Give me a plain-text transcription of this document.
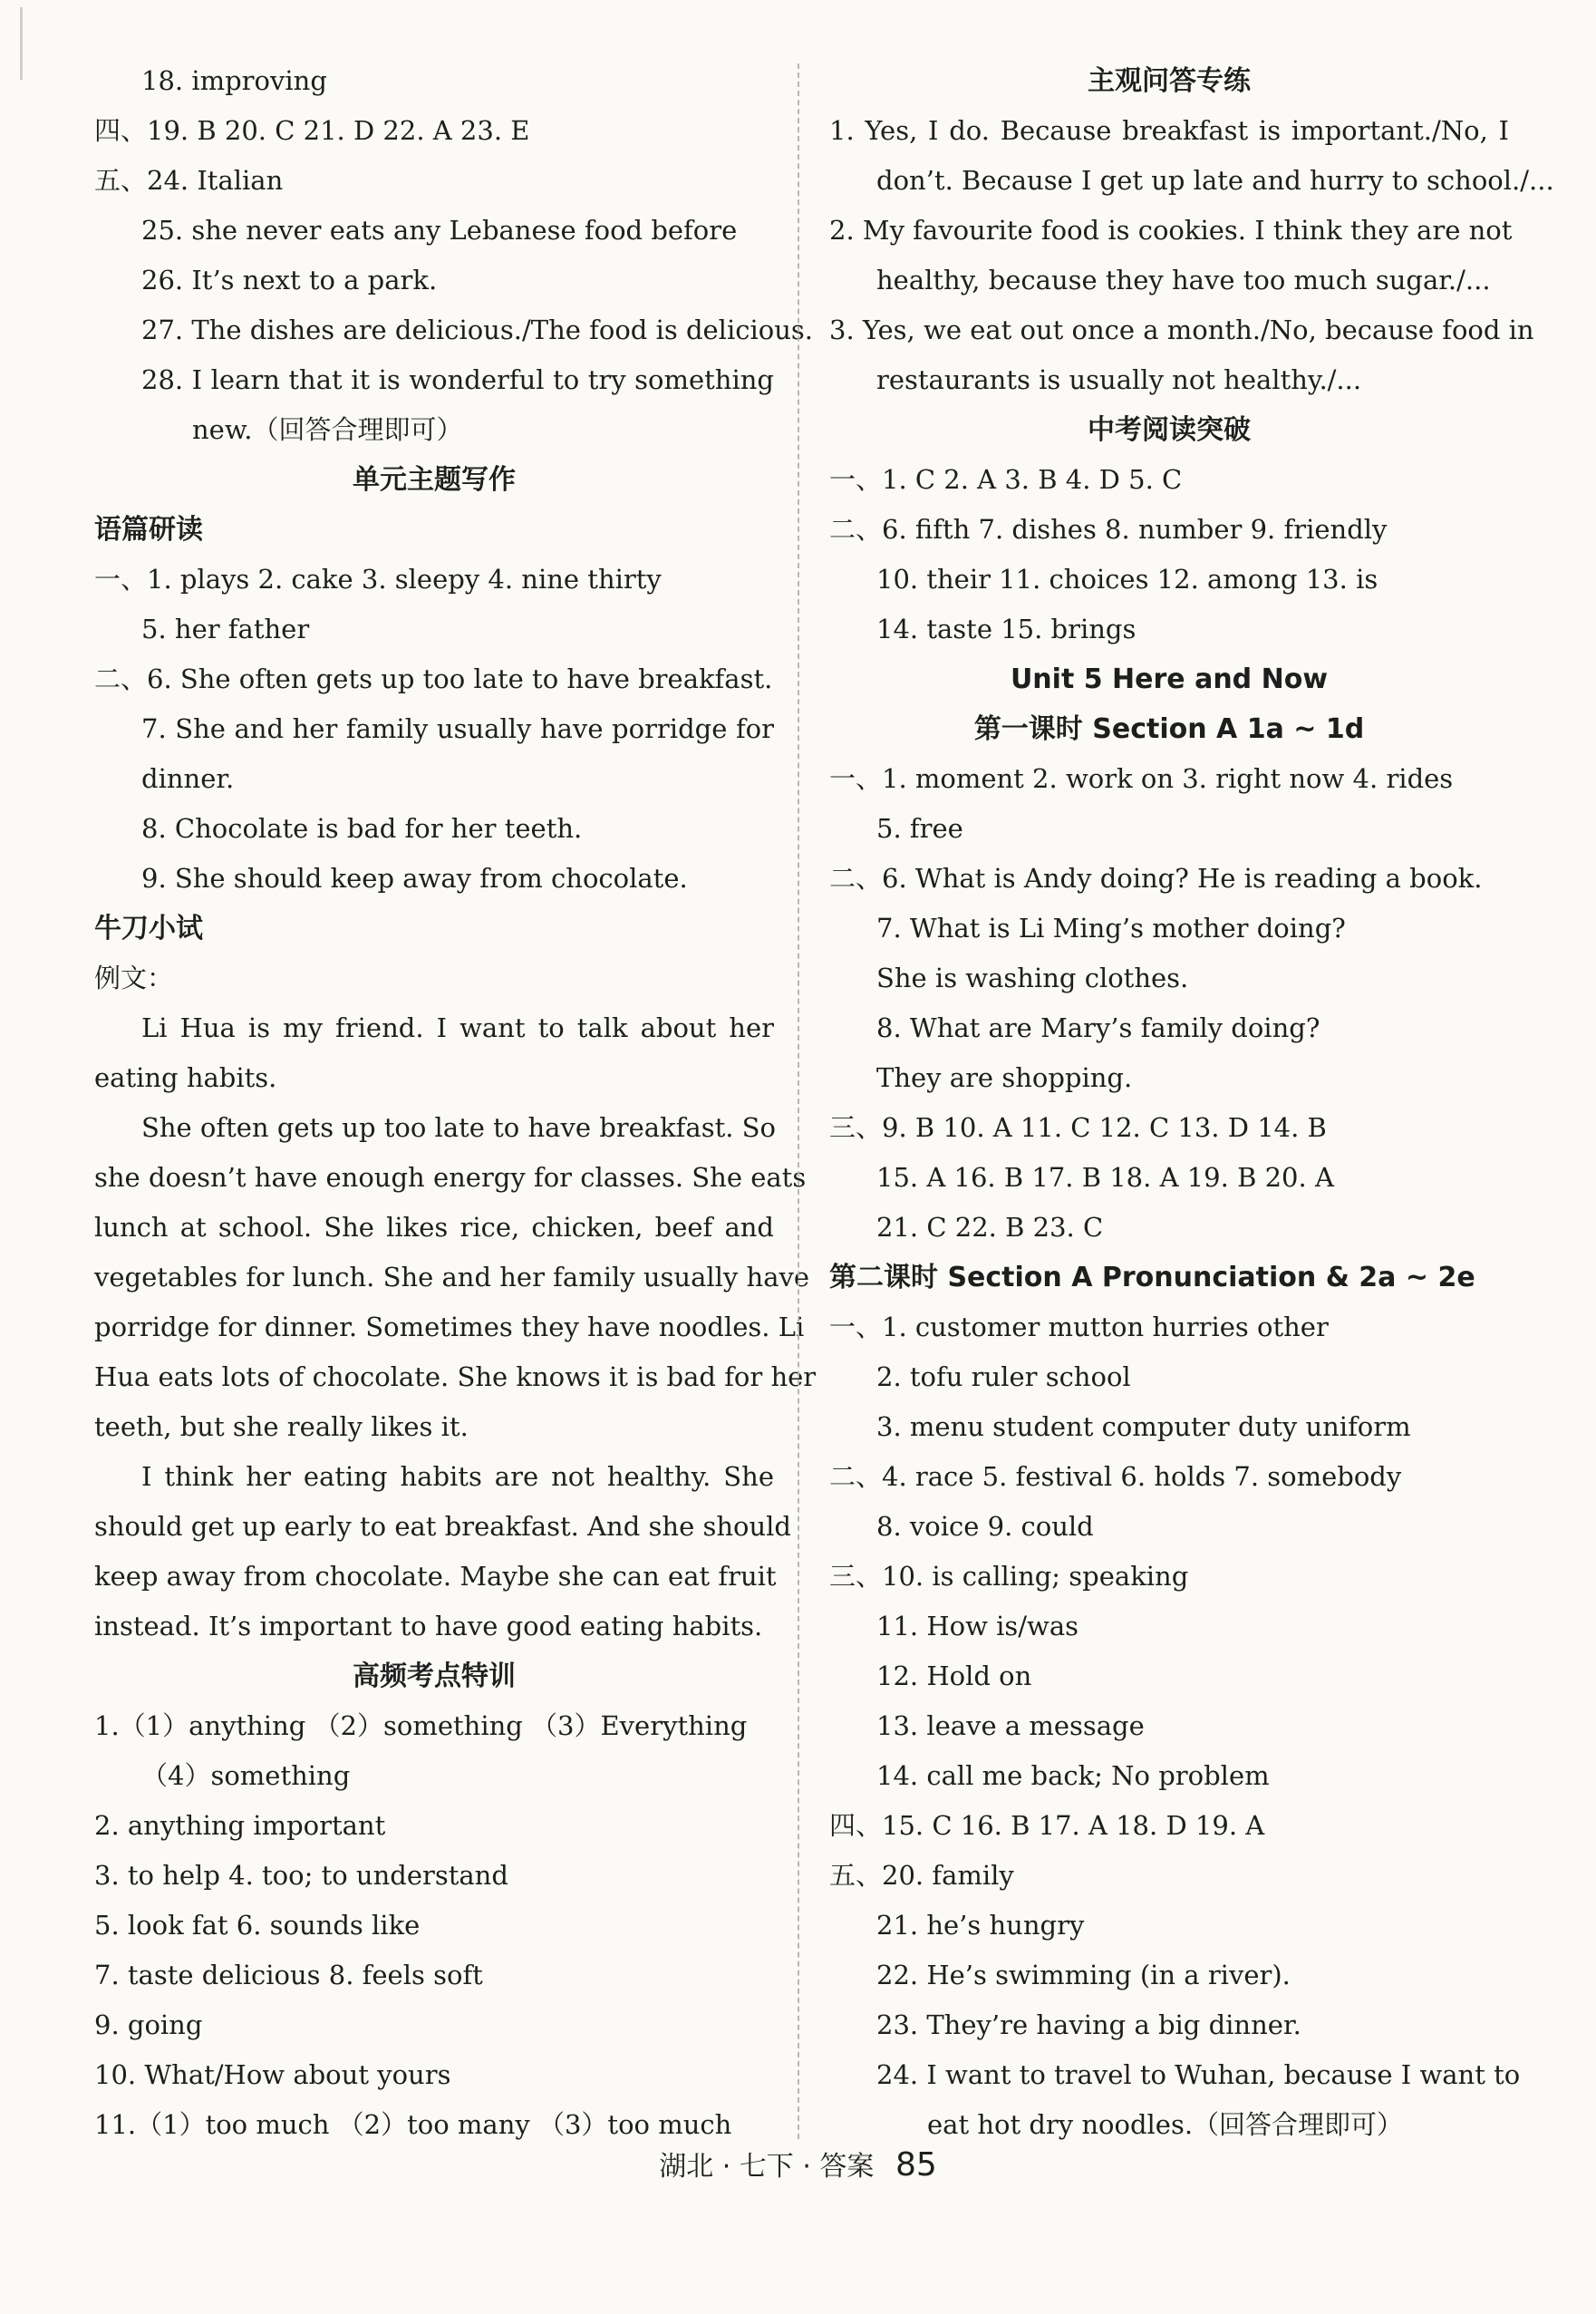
18. improving
四、19. B 20. C 21. D 22. A 23. E
五、24. Italian
25. she never eats any Lebanese food before
26. It’s next to a park.
27. The dishes are delicious./The food is delicious.
28. I learn that it is wonderful to try something
new.（回答合理即可）
单元主题写作
语篇研读
一、1. plays 2. cake 3. sleepy 4. nine thirty
5. her father
二、6. She often gets up too late to have breakfast.
7. She and her family usually have porridge for
dinner.
8. Chocolate is bad for her teeth.
9. She should keep away from chocolate.
牛刀小试
例文：
Li Hua is my friend. I want to talk about her
eating habits.
She often gets up too late to have breakfast. So
she doesn’t have enough energy for classes. She eats
lunch at school. She likes rice, chicken, beef and
vegetables for lunch. She and her family usually have
porridge for dinner. Sometimes they have noodles. Li
Hua eats lots of chocolate. She knows it is bad for her
teeth, but she really likes it.
I think her eating habits are not healthy. She
should get up early to eat breakfast. And she should
keep away from chocolate. Maybe she can eat fruit
instead. It’s important to have good eating habits.
高频考点特训
1.（1）anything （2）something （3）Everything
（4）something
2. anything important
3. to help 4. too; to understand
5. look fat 6. sounds like
7. taste delicious 8. feels soft
9. going
10. What/How about yours
11.（1）too much （2）too many （3）too much
主观问答专练
1. Yes, I do. Because breakfast is important./No, I
don’t. Because I get up late and hurry to school./...
2. My favourite food is cookies. I think they are not
healthy, because they have too much sugar./...
3. Yes, we eat out once a month./No, because food in
restaurants is usually not healthy./...
中考阅读突破
一、1. C 2. A 3. B 4. D 5. C
二、6. fifth 7. dishes 8. number 9. friendly
10. their 11. choices 12. among 13. is
14. taste 15. brings
Unit 5 Here and Now
第一课时 Section A 1a ~ 1d
一、1. moment 2. work on 3. right now 4. rides
5. free
二、6. What is Andy doing? He is reading a book.
7. What is Li Ming’s mother doing?
She is washing clothes.
8. What are Mary’s family doing?
They are shopping.
三、9. B 10. A 11. C 12. C 13. D 14. B
15. A 16. B 17. B 18. A 19. B 20. A
21. C 22. B 23. C
第二课时 Section A Pronunciation & 2a ~ 2e
一、1. customer mutton hurries other
2. tofu ruler school
3. menu student computer duty uniform
二、4. race 5. festival 6. holds 7. somebody
8. voice 9. could
三、10. is calling; speaking
11. How is/was
12. Hold on
13. leave a message
14. call me back; No problem
四、15. C 16. B 17. A 18. D 19. A
五、20. family
21. he’s hungry
22. He’s swimming (in a river).
23. They’re having a big dinner.
24. I want to travel to Wuhan, because I want to
eat hot dry noodles.（回答合理即可）
湖北 · 七下 · 答案 85
